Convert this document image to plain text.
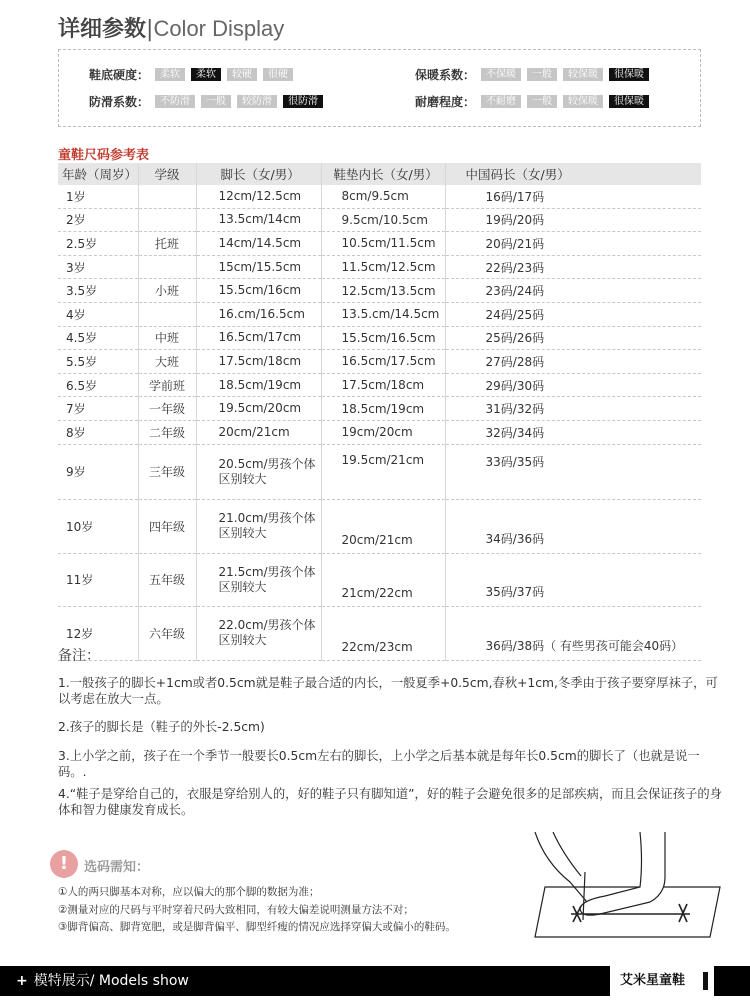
详细参数|Color Display
鞋底硬度：	柔软	柔软	较硬	很硬	保暖系数：	不保暖	一般	较保暖	很保暖
防滑系数：	不防滑	一般	较防滑	很防滑	耐磨程度：	不耐磨	一般	较保暖	很保暖
童鞋尺码参考表
年龄（周岁）	学级	脚长（女/男）	鞋垫内长（女/男）	中国码长（女/男）
1岁		12cm/12.5cm	8cm/9.5cm	16码/17码
2岁		13.5cm/14cm	9.5cm/10.5cm	19码/20码
2.5岁	托班	14cm/14.5cm	10.5cm/11.5cm	20码/21码
3岁		15cm/15.5cm	11.5cm/12.5cm	22码/23码
3.5岁	小班	15.5cm/16cm	12.5cm/13.5cm	23码/24码
4岁		16.cm/16.5cm	13.5.cm/14.5cm	24码/25码
4.5岁	中班	16.5cm/17cm	15.5cm/16.5cm	25码/26码
5.5岁	大班	17.5cm/18cm	16.5cm/17.5cm	27码/28码
6.5岁	学前班	18.5cm/19cm	17.5cm/18cm	29码/30码
7岁	一年级	19.5cm/20cm	18.5cm/19cm	31码/32码
8岁	二年级	20cm/21cm	19cm/20cm	32码/34码
9岁	三年级	20.5cm/男孩个体
区别较大	19.5cm/21cm	33码/35码
10岁	四年级	21.0cm/男孩个体
区别较大	20cm/21cm	34码/36码
11岁	五年级	21.5cm/男孩个体
区别较大	21cm/22cm	35码/37码
12岁	六年级	22.0cm/男孩个体
区别较大	22cm/23cm	36码/38码（ 有些男孩可能会40码）
备注：
1.一般孩子的脚长+1cm或者0.5cm就是鞋子最合适的内长，一般夏季+0.5cm,春秋+1cm,冬季由于孩子要穿厚袜子，可以考虑在放大一点。
2.孩子的脚长是（鞋子的外长-2.5cm)
3.上小学之前，孩子在一个季节一般要长0.5cm左右的脚长，上小学之后基本就是每年长0.5cm的脚长了（也就是说一码。.
4.“鞋子是穿给自己的，衣服是穿给别人的，好的鞋子只有脚知道”，好的鞋子会避免很多的足部疾病，而且会保证孩子的身体和智力健康发育成长。
!	选码需知：
①人的两只脚基本对称，应以偏大的那个脚的数据为准；
②测量对应的尺码与平时穿着尺码大致相同，有较大偏差说明测量方法不对；
③脚背偏高、脚背宽肥，或是脚背偏平、脚型纤瘦的情况应选择穿偏大或偏小的鞋码。
+ 模特展示/ Models show	艾米星童鞋
